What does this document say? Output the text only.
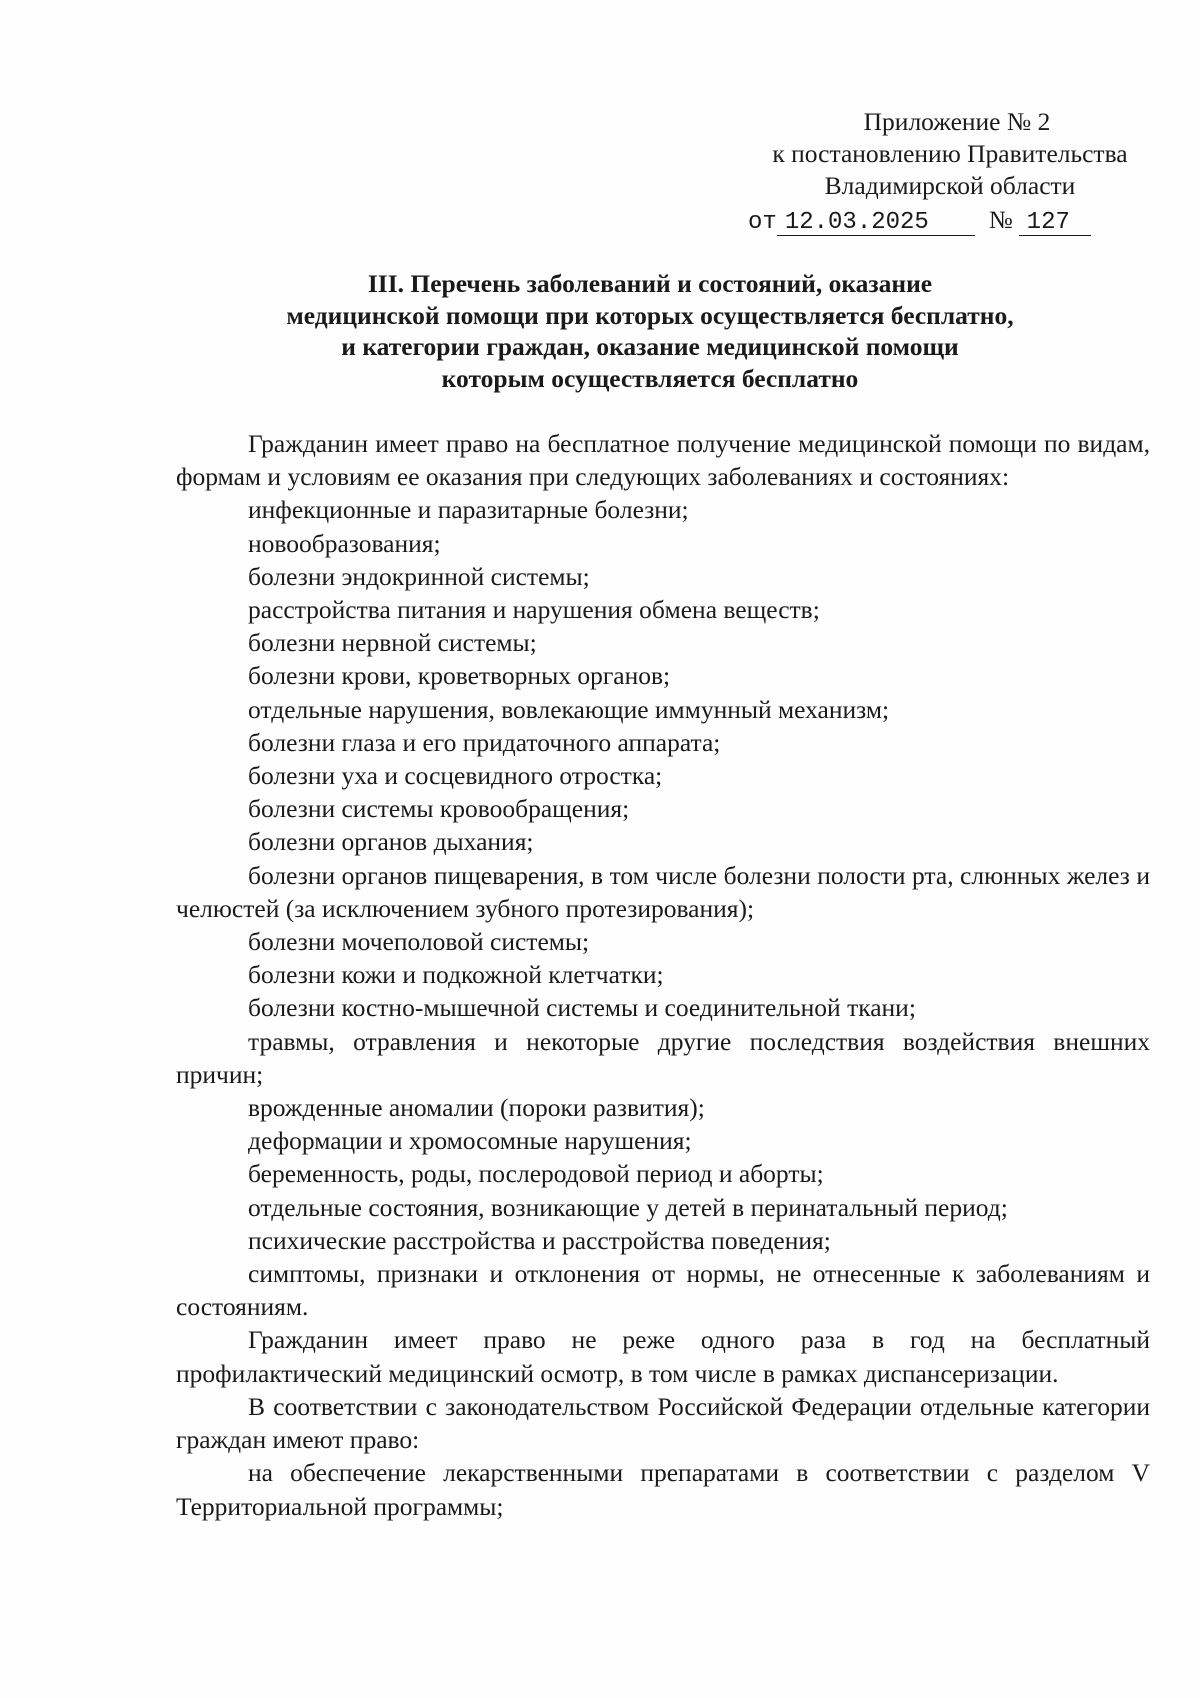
Приложение № 2
к постановлению Правительства
Владимирской области
от 12.03.2025 № 127
III. Перечень заболеваний и состояний, оказание
медицинской помощи при которых осуществляется бесплатно,
и категории граждан, оказание медицинской помощи
которым осуществляется бесплатно

Гражданин имеет право на бесплатное получение медицинской помощи по видам, формам и условиям ее оказания при следующих заболеваниях и состояниях:

инфекционные и паразитарные болезни;

новообразования;

болезни эндокринной системы;

расстройства питания и нарушения обмена веществ;

болезни нервной системы;

болезни крови, кроветворных органов;

отдельные нарушения, вовлекающие иммунный механизм;

болезни глаза и его придаточного аппарата;

болезни уха и сосцевидного отростка;

болезни системы кровообращения;

болезни органов дыхания;

болезни органов пищеварения, в том числе болезни полости рта, слюнных желез и челюстей (за исключением зубного протезирования);

болезни мочеполовой системы;

болезни кожи и подкожной клетчатки;

болезни костно-мышечной системы и соединительной ткани;

травмы, отравления и некоторые другие последствия воздействия внешних причин;

врожденные аномалии (пороки развития);

деформации и хромосомные нарушения;

беременность, роды, послеродовой период и аборты;

отдельные состояния, возникающие у детей в перинатальный период;

психические расстройства и расстройства поведения;

симптомы, признаки и отклонения от нормы, не отнесенные к заболеваниям и состояниям.

Гражданин имеет право не реже одного раза в год на бесплатный профилактический медицинский осмотр, в том числе в рамках диспансеризации.

В соответствии с законодательством Российской Федерации отдельные категории граждан имеют право:

на обеспечение лекарственными препаратами в соответствии с разделом V Территориальной программы;
